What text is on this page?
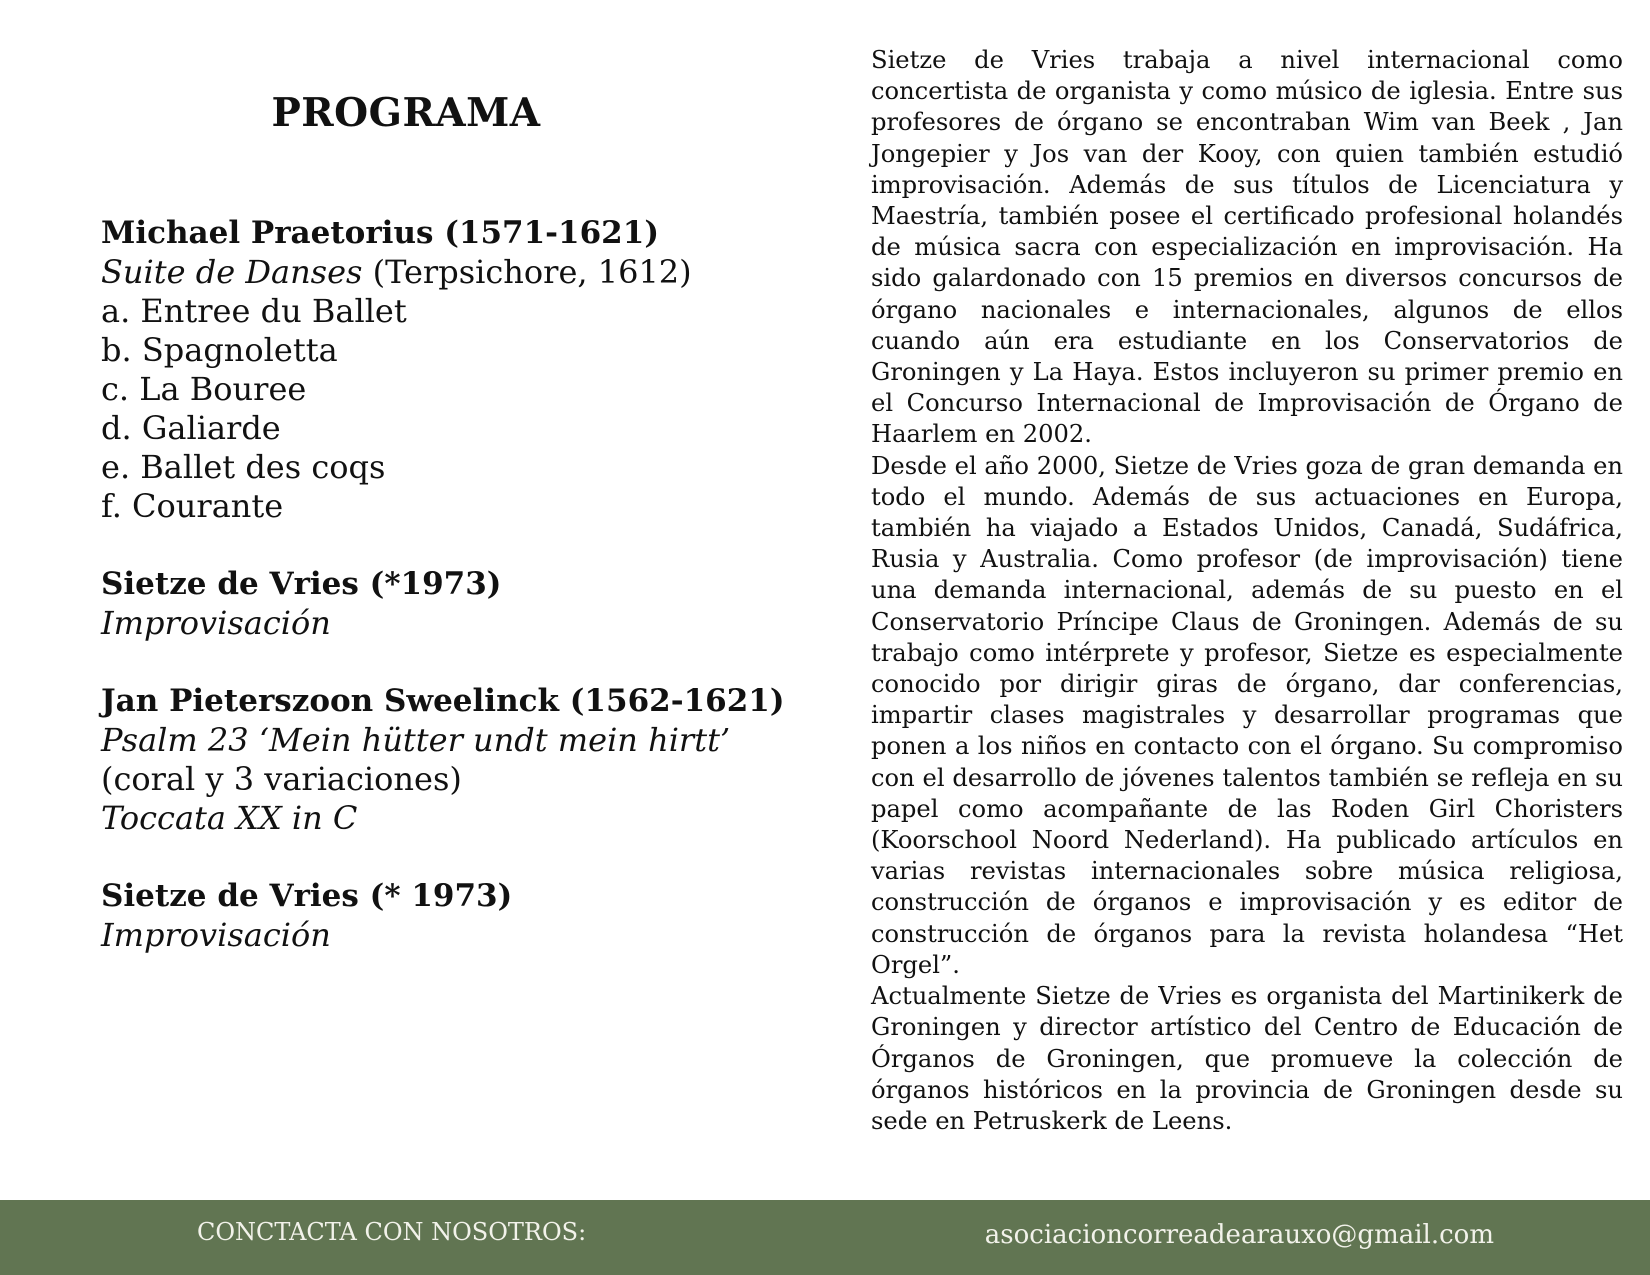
PROGRAMA
Michael Praetorius (1571-1621)
Suite de Danses (Terpsichore, 1612)
a. Entree du Ballet
b. Spagnoletta
c. La Bouree
d. Galiarde
e. Ballet des coqs
f. Courante
Sietze de Vries (*1973)
Improvisación
Jan Pieterszoon Sweelinck (1562-1621)
Psalm 23 ‘Mein hütter undt mein hirtt’
(coral y 3 variaciones)
Toccata XX in C
Sietze de Vries (* 1973)
Improvisación

Sietze de Vries trabaja a nivel internacional como concertista de organista y como músico de iglesia. Entre sus profesores de órgano se encontraban Wim van Beek , Jan Jongepier y Jos van der Kooy, con quien también estudió improvisación. Además de sus títulos de Licenciatura y Maestría, también posee el certificado profesional holandés de música sacra con especialización en improvisación. Ha sido galardonado con 15 premios en diversos concursos de órgano nacionales e internacionales, algunos de ellos cuando aún era estudiante en los Conservatorios de Groningen y La Haya. Estos incluyeron su primer premio en el Concurso Internacional de Improvisación de Órgano de Haarlem en 2002.

Desde el año 2000, Sietze de Vries goza de gran demanda en todo el mundo. Además de sus actuaciones en Europa, también ha viajado a Estados Unidos, Canadá, Sudáfrica, Rusia y Australia. Como profesor (de improvisación) tiene una demanda internacional, además de su puesto en el Conservatorio Príncipe Claus de Groningen. Además de su trabajo como intérprete y profesor, Sietze es especialmente conocido por dirigir giras de órgano, dar conferencias, impartir clases magistrales y desarrollar programas que ponen a los niños en contacto con el órgano. Su compromiso con el desarrollo de jóvenes talentos también se refleja en su papel como acompañante de las Roden Girl Choristers (Koorschool Noord Nederland). Ha publicado artículos en varias revistas internacionales sobre música religiosa, construcción de órganos e improvisación y es editor de construcción de órganos para la revista holandesa “Het Orgel”.

Actualmente Sietze de Vries es organista del Martinikerk de Groningen y director artístico del Centro de Educación de Órganos de Groningen, que promueve la colección de órganos históricos en la provincia de Groningen desde su sede en Petruskerk de Leens.

CONCTACTA CON NOSOTROS:	asociacioncorreadearauxo@gmail.com
